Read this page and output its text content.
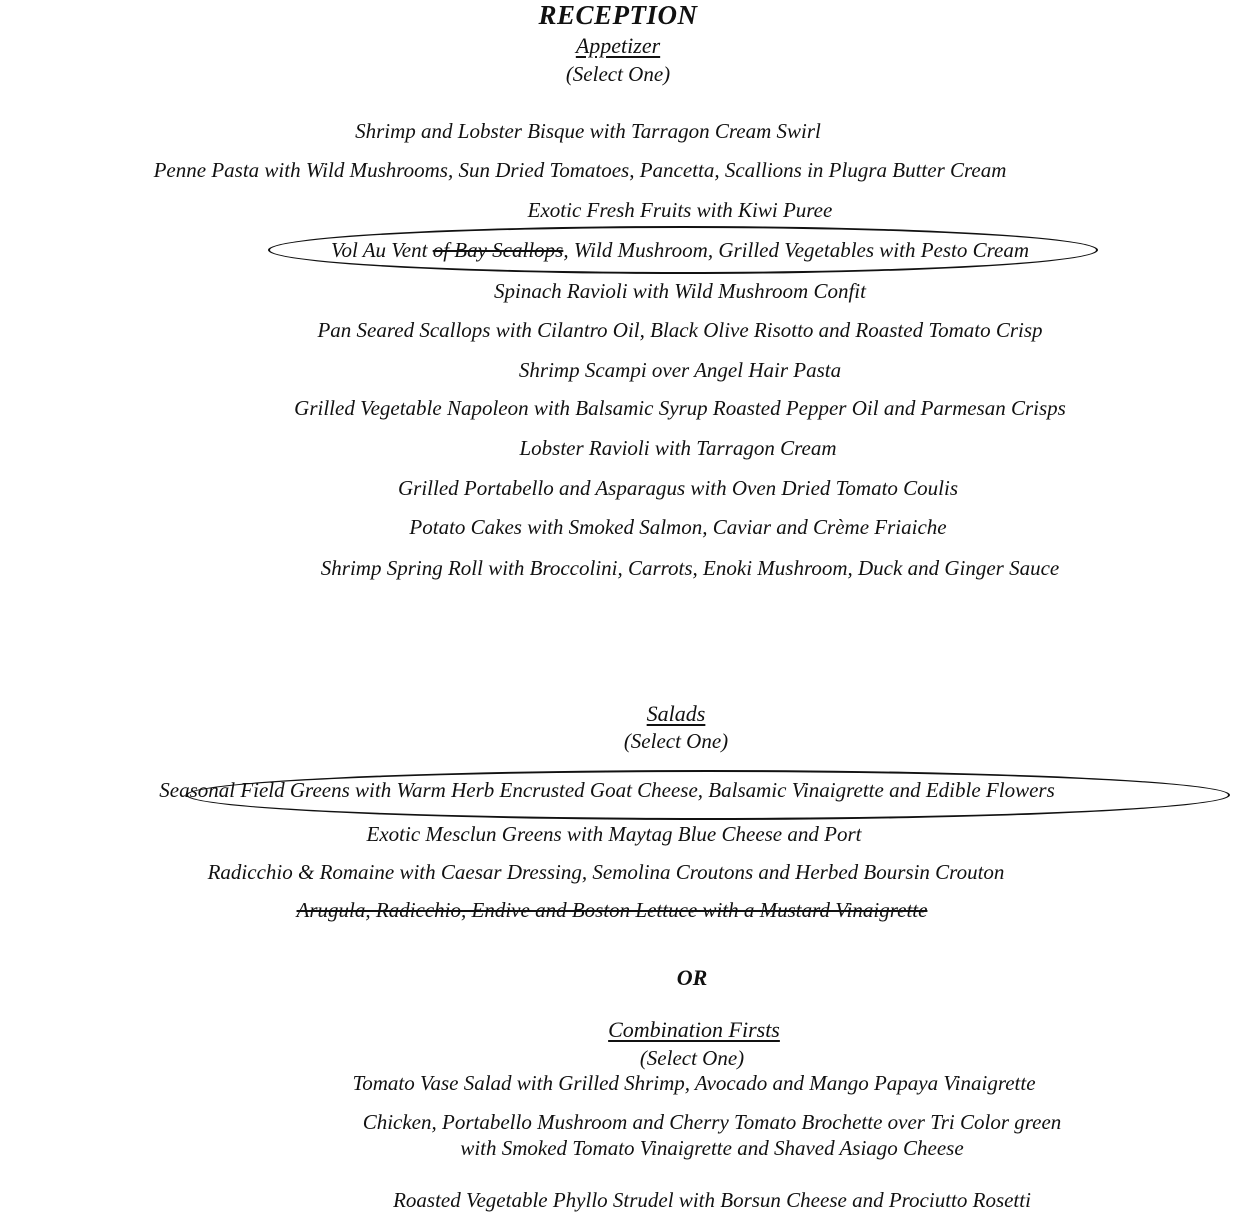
RECEPTION
Appetizer
(Select One)
Shrimp and Lobster Bisque with Tarragon Cream Swirl
Penne Pasta with Wild Mushrooms, Sun Dried Tomatoes, Pancetta, Scallions in Plugra Butter Cream
Exotic Fresh Fruits with Kiwi Puree
Vol Au Vent of Bay Scallops, Wild Mushroom, Grilled Vegetables with Pesto Cream
Spinach Ravioli with Wild Mushroom Confit
Pan Seared Scallops with Cilantro Oil, Black Olive Risotto and Roasted Tomato Crisp
Shrimp Scampi over Angel Hair Pasta
Grilled Vegetable Napoleon with Balsamic Syrup Roasted Pepper Oil and Parmesan Crisps
Lobster Ravioli with Tarragon Cream
Grilled Portabello and Asparagus with Oven Dried Tomato Coulis
Potato Cakes with Smoked Salmon, Caviar and Crème Friaiche
Shrimp Spring Roll with Broccolini, Carrots, Enoki Mushroom, Duck and Ginger Sauce
Salads
(Select One)
Seasonal Field Greens with Warm Herb Encrusted Goat Cheese, Balsamic Vinaigrette and Edible Flowers
Exotic Mesclun Greens with Maytag Blue Cheese and Port
Radicchio & Romaine with Caesar Dressing, Semolina Croutons and Herbed Boursin Crouton
Arugula, Radicchio, Endive and Boston Lettuce with a Mustard Vinaigrette
OR
Combination Firsts
(Select One)
Tomato Vase Salad with Grilled Shrimp, Avocado and Mango Papaya Vinaigrette
Chicken, Portabello Mushroom and Cherry Tomato Brochette over Tri Color green
with Smoked Tomato Vinaigrette and Shaved Asiago Cheese
Roasted Vegetable Phyllo Strudel with Borsun Cheese and Prociutto Rosetti
